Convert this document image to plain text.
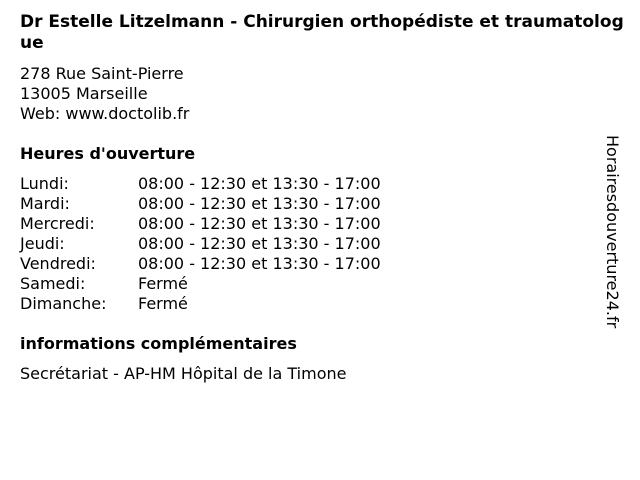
Dr Estelle Litzelmann - Chirurgien orthopédiste et traumatologue
278 Rue Saint-Pierre
13005 Marseille
Web: www.doctolib.fr
Heures d'ouverture
Lundi:	08:00 - 12:30 et 13:30 - 17:00
Mardi:	08:00 - 12:30 et 13:30 - 17:00
Mercredi:	08:00 - 12:30 et 13:30 - 17:00
Jeudi:	08:00 - 12:30 et 13:30 - 17:00
Vendredi:	08:00 - 12:30 et 13:30 - 17:00
Samedi:	Fermé
Dimanche:	Fermé
informations complémentaires
Secrétariat - AP-HM Hôpital de la Timone
Horairesdouverture24.fr
